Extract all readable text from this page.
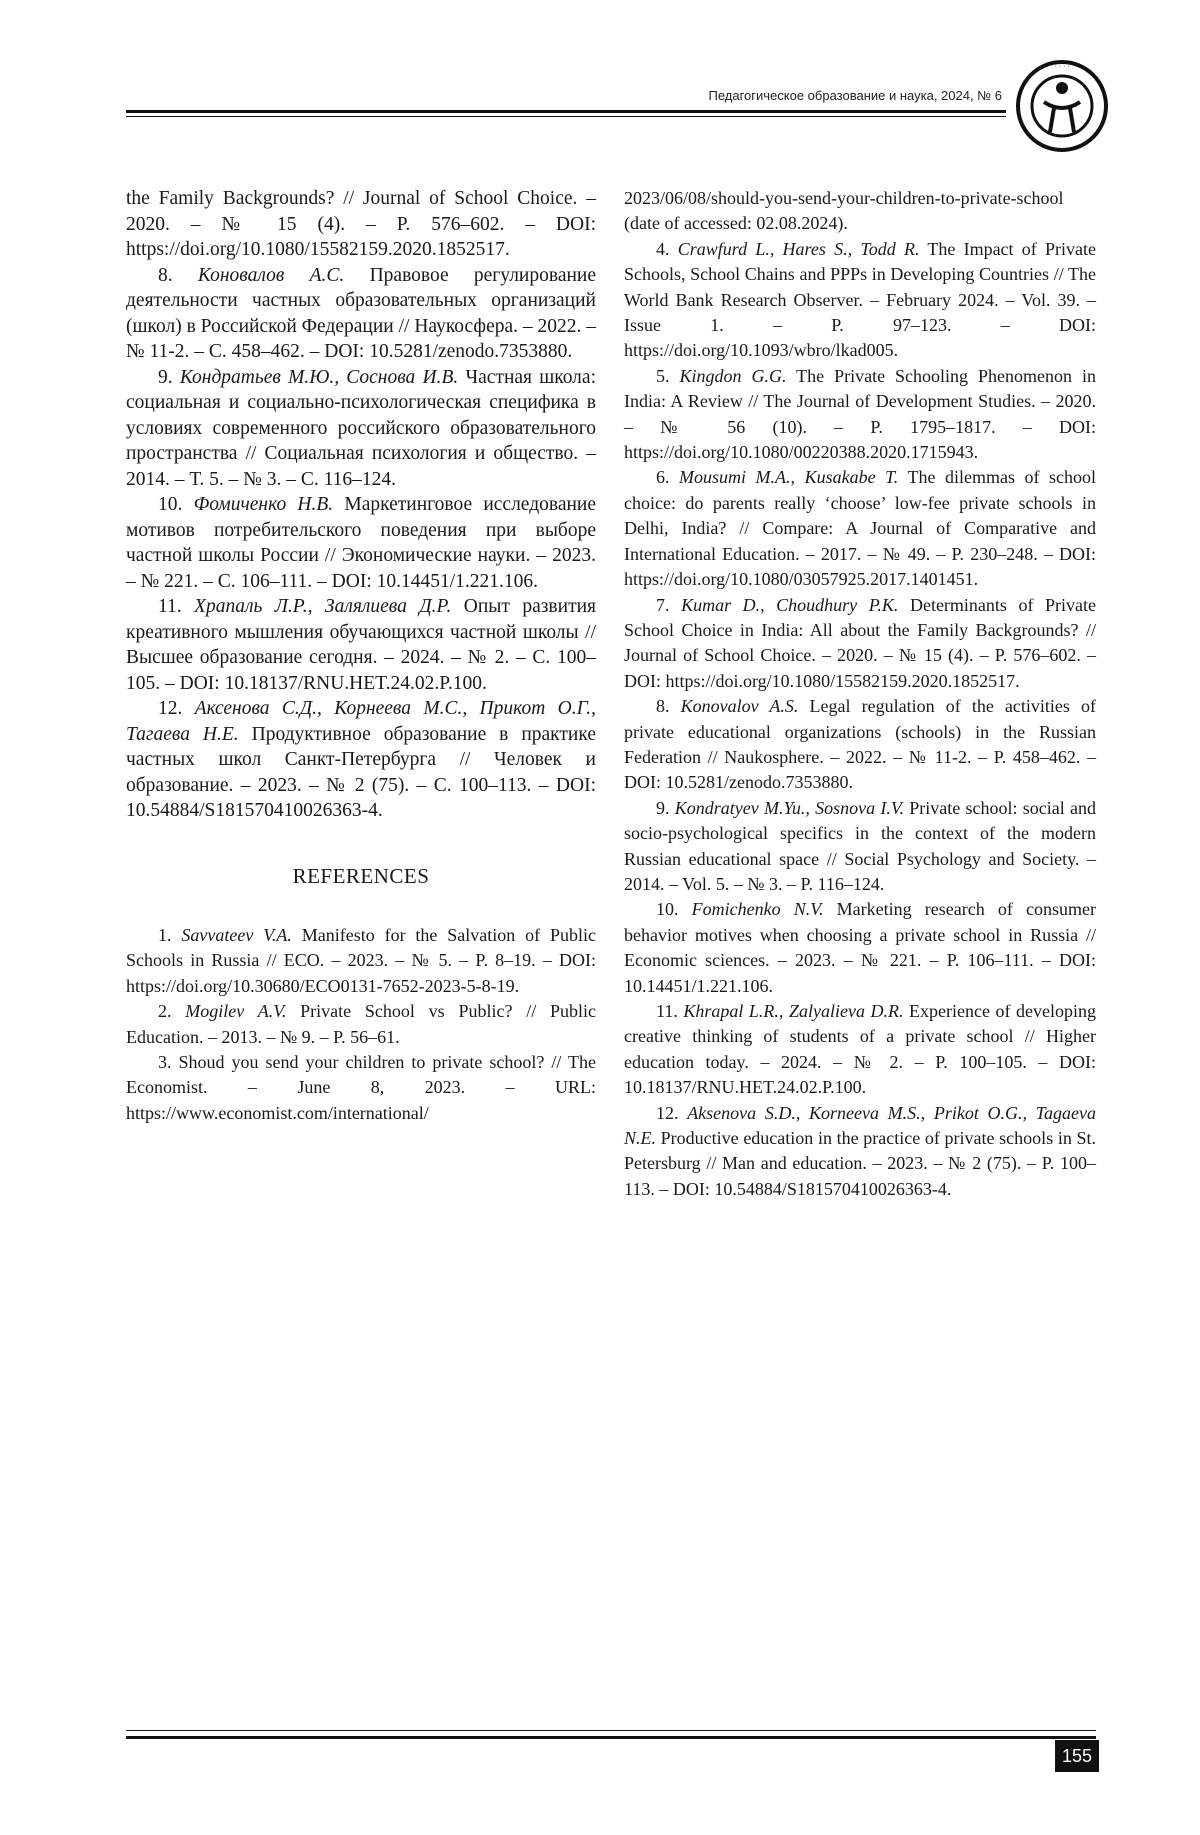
Педагогическое образование и наука, 2024, № 6
· · · ·

the Family Backgrounds? // Journal of School Choice. – 2020. – № 15 (4). – P. 576–602. – DOI: https://doi.org/10.1080/15582159.2020.1852517.

8. Коновалов А.С. Правовое регулирование деятельности частных образовательных организаций (школ) в Российской Федерации // Наукосфера. – 2022. – № 11-2. – С. 458–462. – DOI: 10.5281/zenodo.7353880.

9. Кондратьев М.Ю., Соснова И.В. Частная школа: социальная и социально-психологическая специфика в условиях современного российского образовательного пространства // Социальная психология и общество. – 2014. – Т. 5. – № 3. – С. 116–124.

10. Фомиченко Н.В. Маркетинговое исследование мотивов потребительского поведения при выборе частной школы России // Экономические науки. – 2023. – № 221. – С. 106–111. – DOI: 10.14451/1.221.106.

11. Храпаль Л.Р., Залялиева Д.Р. Опыт развития креативного мышления обучающихся частной школы // Высшее образование сегодня. – 2024. – № 2. – С. 100–105. – DOI: 10.18137/RNU.HET.24.02.P.100.

12. Аксенова С.Д., Корнеева М.С., Прикот О.Г., Тагаева Н.Е. Продуктивное образование в практике частных школ Санкт-Петербурга // Человек и образование. – 2023. – № 2 (75). – С. 100–113. – DOI: 10.54884/S181570410026363-4.

REFERENCES

1. Savvateev V.A. Manifesto for the Salvation of Public Schools in Russia // ECO. – 2023. – № 5. – P. 8–19. – DOI: https://doi.org/10.30680/ECO0131-7652-2023-5-8-19.

2. Mogilev A.V. Private School vs Public? // Public Education. – 2013. – № 9. – P. 56–61.

3. Shoud you send your children to private school? // The Economist. – June 8, 2023. – URL: https://www.economist.com/international/

2023/06/08/should-you-send-your-children-to-private-school (date of accessed: 02.08.2024).

4. Crawfurd L., Hares S., Todd R. The Impact of Private Schools, School Chains and PPPs in Developing Countries // The World Bank Research Observer. – February 2024. – Vol. 39. – Issue 1. – P. 97–123. – DOI: https://doi.org/10.1093/wbro/lkad005.

5. Kingdon G.G. The Private Schooling Phenomenon in India: A Review // The Journal of Development Studies. – 2020. – № 56 (10). – P. 1795–1817. – DOI: https://doi.org/10.1080/00220388.2020.1715943.

6. Mousumi M.A., Kusakabe T. The dilemmas of school choice: do parents really ‘choose’ low-fee private schools in Delhi, India? // Compare: A Journal of Comparative and International Education. – 2017. – № 49. – P. 230–248. – DOI: https://doi.org/10.1080/03057925.2017.1401451.

7. Kumar D., Choudhury P.K. Determinants of Private School Choice in India: All about the Family Backgrounds? // Journal of School Choice. – 2020. – № 15 (4). – P. 576–602. – DOI: https://doi.org/10.1080/15582159.2020.1852517.

8. Konovalov A.S. Legal regulation of the activities of private educational organizations (schools) in the Russian Federation // Naukosphere. – 2022. – № 11-2. – P. 458–462. – DOI: 10.5281/zenodo.7353880.

9. Kondratyev M.Yu., Sosnova I.V. Private school: social and socio-psychological specifics in the context of the modern Russian educational space // Social Psychology and Society. – 2014. – Vol. 5. – № 3. – P. 116–124.

10. Fomichenko N.V. Marketing research of consumer behavior motives when choosing a private school in Russia // Economic sciences. – 2023. – № 221. – P. 106–111. – DOI: 10.14451/1.221.106.

11. Khrapal L.R., Zalyalieva D.R. Experience of developing creative thinking of students of a private school // Higher education today. – 2024. – № 2. – P. 100–105. – DOI: 10.18137/RNU.HET.24.02.P.100.

12. Aksenova S.D., Korneeva M.S., Prikot O.G., Tagaeva N.E. Productive education in the practice of private schools in St. Petersburg // Man and education. – 2023. – № 2 (75). – P. 100–113. – DOI: 10.54884/S181570410026363-4.

155
